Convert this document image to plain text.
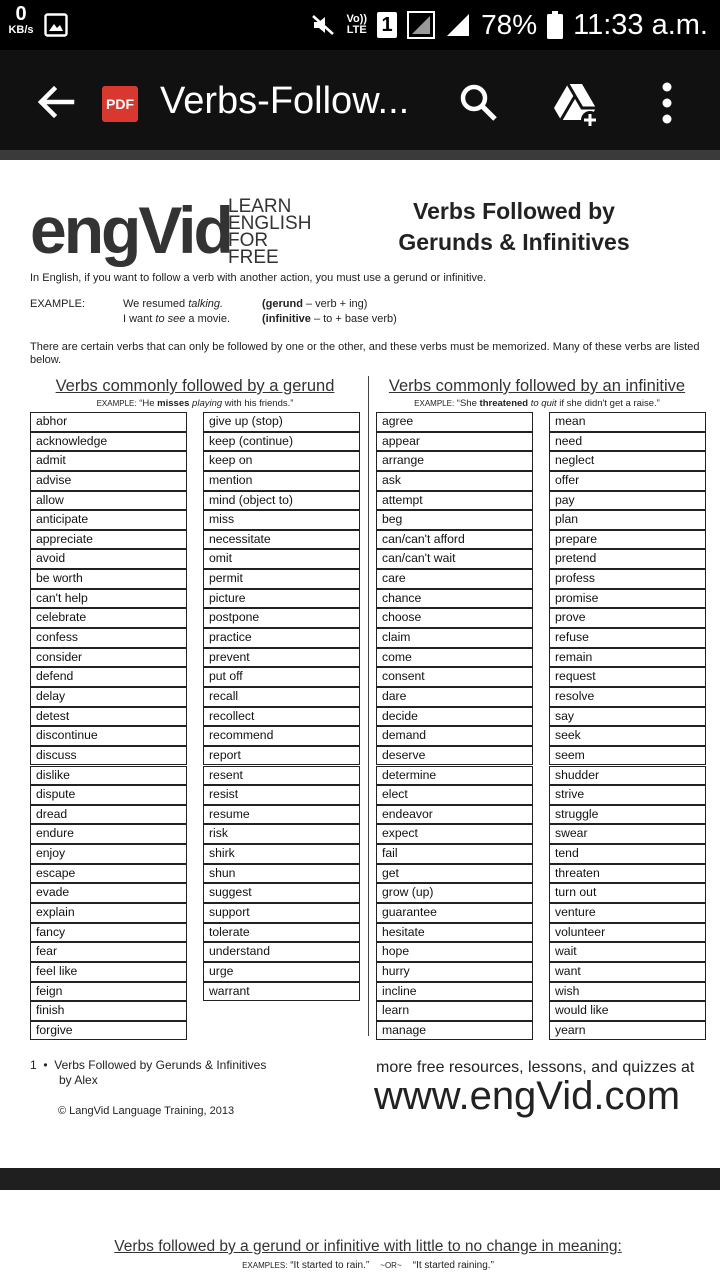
0
KB/s
Vo))
LTE 1	78% 11:33 a.m.
PDF Verbs-Follow...
engVid
LEARN
ENGLISH
FOR FREE
Verbs Followed by
Gerunds & Infinitives
In English, if you want to follow a verb with another action, you must use a gerund or infinitive.
EXAMPLE:	We resumed talking.
I want to see a movie.
(gerund – verb + ing)
(infinitive – to + base verb)
There are certain verbs that can only be followed by one or the other, and these verbs must be memorized. Many of these verbs are listed below.
Verbs commonly followed by a gerund
EXAMPLE: “He misses playing with his friends.”
Verbs commonly followed by an infinitive
EXAMPLE: “She threatened to quit if she didn't get a raise.”
abhor
acknowledge
admit
advise
allow
anticipate
appreciate
avoid
be worth
can't help
celebrate
confess
consider
defend
delay
detest
discontinue
discuss
dislike
dispute
dread
endure
enjoy
escape
evade
explain
fancy
fear
feel like
feign
finish
forgive
give up (stop)
keep (continue)
keep on
mention
mind (object to)
miss
necessitate
omit
permit
picture
postpone
practice
prevent
put off
recall
recollect
recommend
report
resent
resist
resume
risk
shirk
shun
suggest
support
tolerate
understand
urge
warrant
agree
appear
arrange
ask
attempt
beg
can/can't afford
can/can't wait
care
chance
choose
claim
come
consent
dare
decide
demand
deserve
determine
elect
endeavor
expect
fail
get
grow (up)
guarantee
hesitate
hope
hurry
incline
learn
manage
mean
need
neglect
offer
pay
plan
prepare
pretend
profess
promise
prove
refuse
remain
request
resolve
say
seek
seem
shudder
strive
struggle
swear
tend
threaten
turn out
venture
volunteer
wait
want
wish
would like
yearn
1 • Verbs Followed by Gerunds & Infinitives
by Alex
© LangVid Language Training, 2013
more free resources, lessons, and quizzes at
www.engVid.com
Verbs followed by a gerund or infinitive with little to no change in meaning:
EXAMPLES: “It started to rain.” ~OR~ “It started raining.”
